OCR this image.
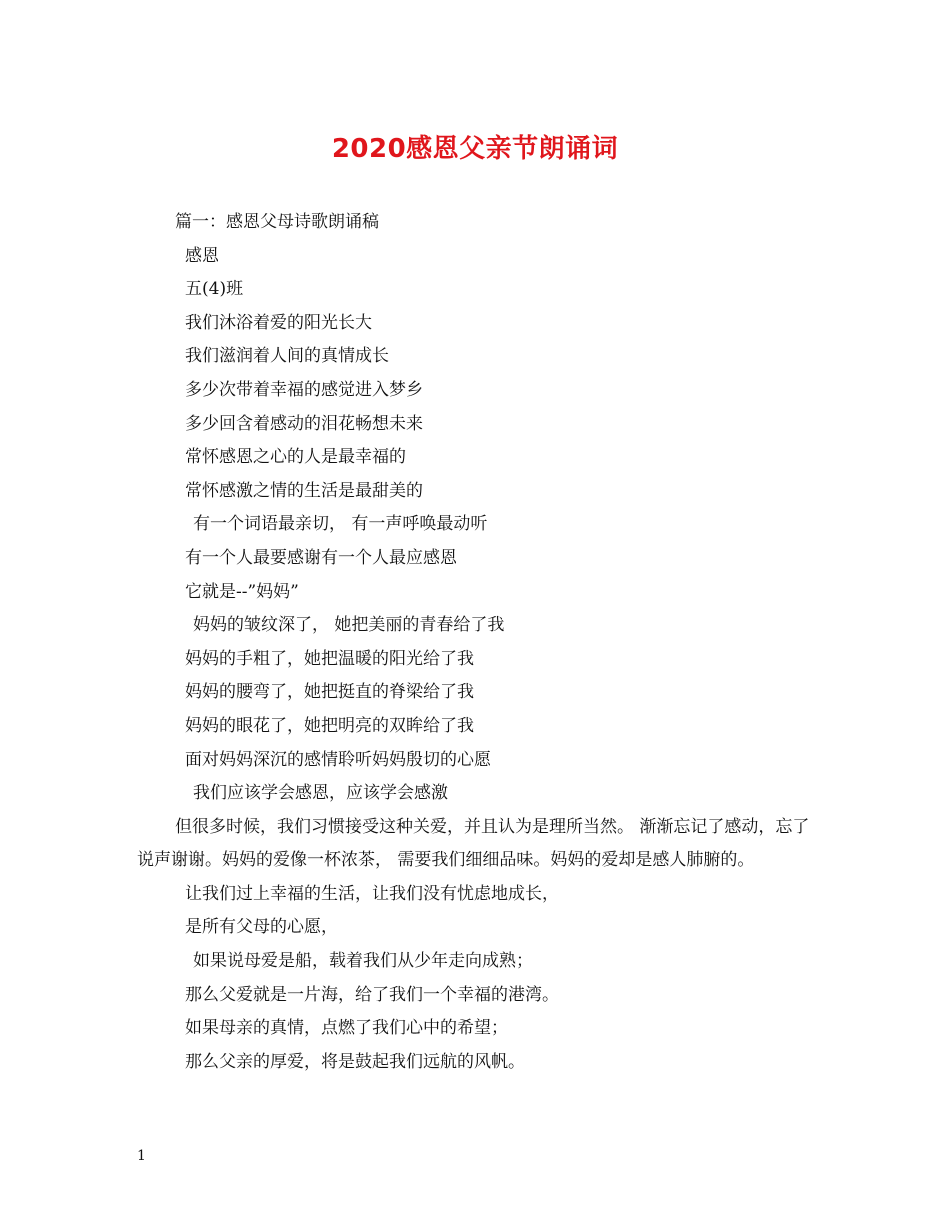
2020感恩父亲节朗诵词
篇一：感恩父母诗歌朗诵稿
感恩
五(4)班
我们沐浴着爱的阳光长大
我们滋润着人间的真情成长
多少次带着幸福的感觉进入梦乡
多少回含着感动的泪花畅想未来
常怀感恩之心的人是最幸福的
常怀感激之情的生活是最甜美的
有一个词语最亲切， 有一声呼唤最动听
有一个人最要感谢有一个人最应感恩
它就是--”妈妈”
妈妈的皱纹深了， 她把美丽的青春给了我
妈妈的手粗了，她把温暖的阳光给了我
妈妈的腰弯了，她把挺直的脊梁给了我
妈妈的眼花了，她把明亮的双眸给了我
面对妈妈深沉的感情聆听妈妈殷切的心愿
我们应该学会感恩，应该学会感激
但很多时候，我们习惯接受这种关爱，并且认为是理所当然。 渐渐忘记了感动，忘了说声谢谢。妈妈的爱像一杯浓茶， 需要我们细细品味。妈妈的爱却是感人肺腑的。
让我们过上幸福的生活，让我们没有忧虑地成长，
是所有父母的心愿，
如果说母爱是船，载着我们从少年走向成熟；
那么父爱就是一片海，给了我们一个幸福的港湾。
如果母亲的真情，点燃了我们心中的希望；
那么父亲的厚爱，将是鼓起我们远航的风帆。
1
